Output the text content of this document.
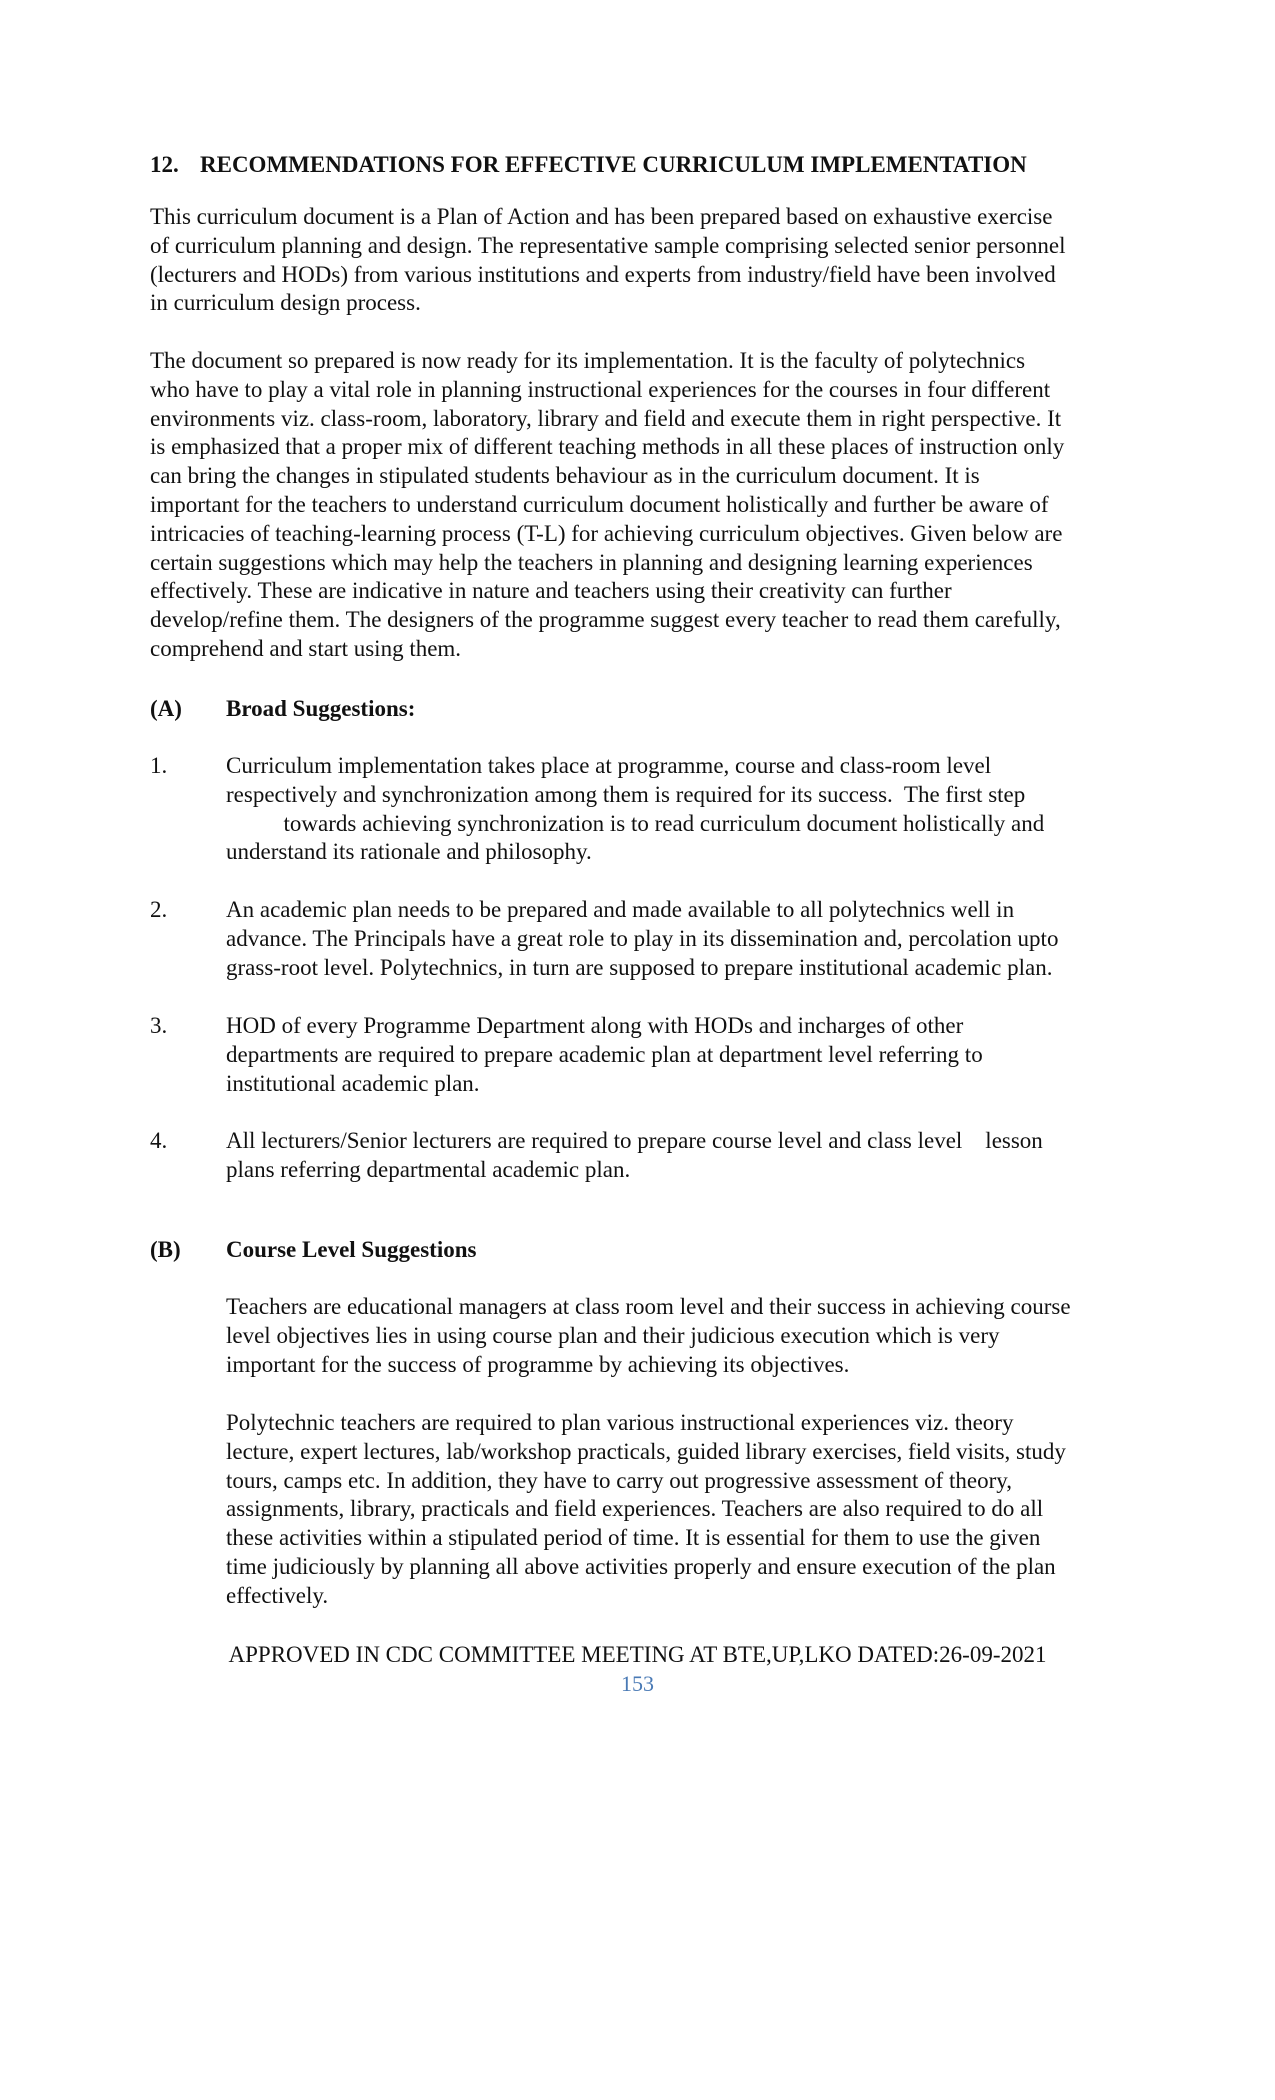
12. RECOMMENDATIONS FOR EFFECTIVE CURRICULUM IMPLEMENTATION

This curriculum document is a Plan of Action and has been prepared based on exhaustive exercise
of curriculum planning and design. The representative sample comprising selected senior personnel
(lecturers and HODs) from various institutions and experts from industry/field have been involved
in curriculum design process.

The document so prepared is now ready for its implementation. It is the faculty of polytechnics
who have to play a vital role in planning instructional experiences for the courses in four different
environments viz. class-room, laboratory, library and field and execute them in right perspective. It
is emphasized that a proper mix of different teaching methods in all these places of instruction only
can bring the changes in stipulated students behaviour as in the curriculum document. It is
important for the teachers to understand curriculum document holistically and further be aware of
intricacies of teaching-learning process (T-L) for achieving curriculum objectives. Given below are
certain suggestions which may help the teachers in planning and designing learning experiences
effectively. These are indicative in nature and teachers using their creativity can further
develop/refine them. The designers of the programme suggest every teacher to read them carefully,
comprehend and start using them.

(A) Broad Suggestions:
1.	Curriculum implementation takes place at programme, course and class-room level
respectively and synchronization among them is required for its success.  The first step
towards achieving synchronization is to read curriculum document holistically and
understand its rationale and philosophy.
2.	An academic plan needs to be prepared and made available to all polytechnics well in
advance. The Principals have a great role to play in its dissemination and, percolation upto
grass-root level. Polytechnics, in turn are supposed to prepare institutional academic plan.
3.	HOD of every Programme Department along with HODs and incharges of other
departments are required to prepare academic plan at department level referring to
institutional academic plan.
4.	All lecturers/Senior lecturers are required to prepare course level and class level    lesson
plans referring departmental academic plan.
(B) Course Level Suggestions

Teachers are educational managers at class room level and their success in achieving course
level objectives lies in using course plan and their judicious execution which is very
important for the success of programme by achieving its objectives.

Polytechnic teachers are required to plan various instructional experiences viz. theory
lecture, expert lectures, lab/workshop practicals, guided library exercises, field visits, study
tours, camps etc. In addition, they have to carry out progressive assessment of theory,
assignments, library, practicals and field experiences. Teachers are also required to do all
these activities within a stipulated period of time. It is essential for them to use the given
time judiciously by planning all above activities properly and ensure execution of the plan
effectively.

APPROVED IN CDC COMMITTEE MEETING AT BTE,UP,LKO DATED:26-09-2021
153
